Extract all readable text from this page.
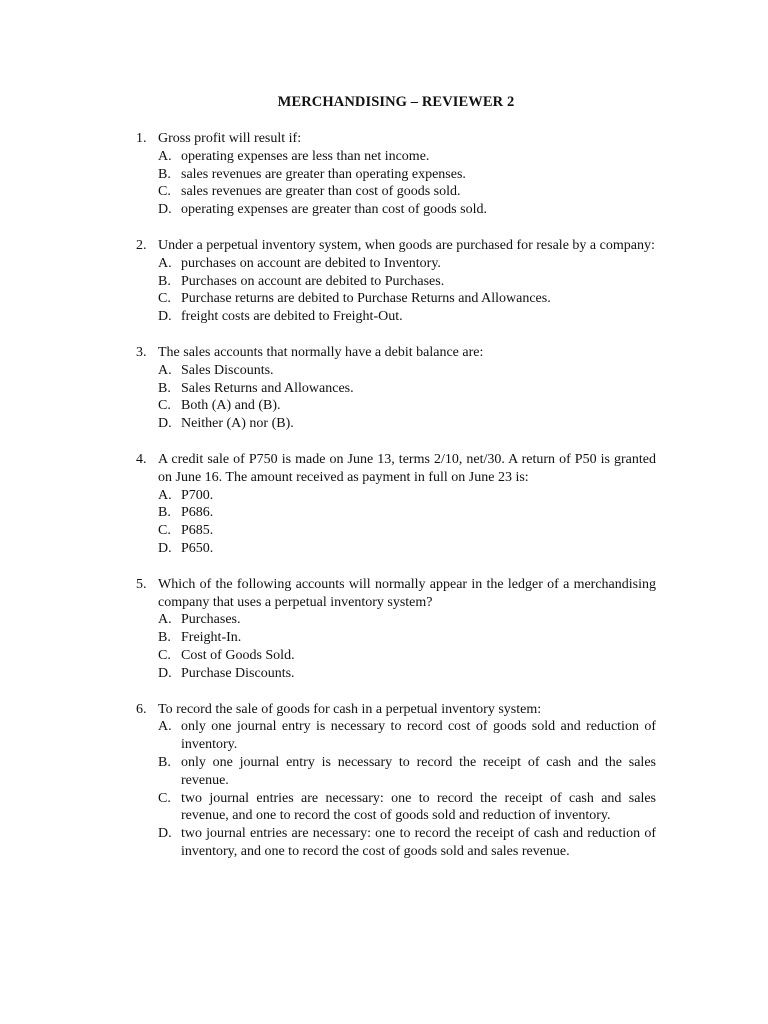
MERCHANDISING – REVIEWER 2
1. Gross profit will result if:
A. operating expenses are less than net income.
B. sales revenues are greater than operating expenses.
C. sales revenues are greater than cost of goods sold.
D. operating expenses are greater than cost of goods sold.
2. Under a perpetual inventory system, when goods are purchased for resale by a company:
A. purchases on account are debited to Inventory.
B. Purchases on account are debited to Purchases.
C. Purchase returns are debited to Purchase Returns and Allowances.
D. freight costs are debited to Freight-Out.
3. The sales accounts that normally have a debit balance are:
A. Sales Discounts.
B. Sales Returns and Allowances.
C. Both (A) and (B).
D. Neither (A) nor (B).
4. A credit sale of P750 is made on June 13, terms 2/10, net/30. A return of P50 is granted on June 16. The amount received as payment in full on June 23 is:
A. P700.
B. P686.
C. P685.
D. P650.
5. Which of the following accounts will normally appear in the ledger of a merchandising company that uses a perpetual inventory system?
A. Purchases.
B. Freight-In.
C. Cost of Goods Sold.
D. Purchase Discounts.
6. To record the sale of goods for cash in a perpetual inventory system:
A. only one journal entry is necessary to record cost of goods sold and reduction of inventory.
B. only one journal entry is necessary to record the receipt of cash and the sales revenue.
C. two journal entries are necessary: one to record the receipt of cash and sales revenue, and one to record the cost of goods sold and reduction of inventory.
D. two journal entries are necessary: one to record the receipt of cash and reduction of inventory, and one to record the cost of goods sold and sales revenue.
